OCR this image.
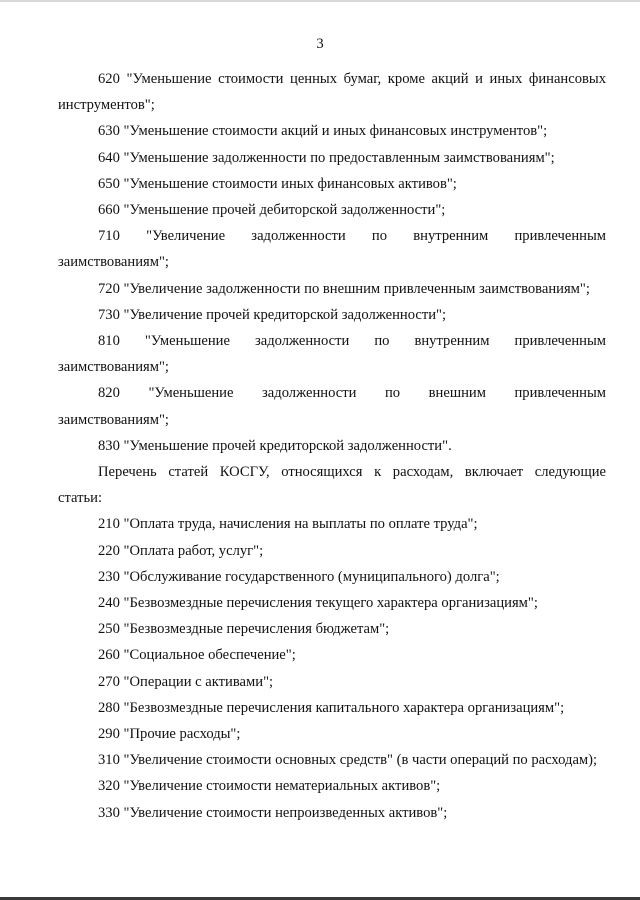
3

620 "Уменьшение стоимости ценных бумаг, кроме акций и иных финансовых
инструментов";

630 "Уменьшение стоимости акций и иных финансовых инструментов";

640 "Уменьшение задолженности по предоставленным заимствованиям";

650 "Уменьшение стоимости иных финансовых активов";

660 "Уменьшение прочей дебиторской задолженности";

710 "Увеличение задолженности по внутренним привлеченным
заимствованиям";

720 "Увеличение задолженности по внешним привлеченным заимствованиям";

730 "Увеличение прочей кредиторской задолженности";

810 "Уменьшение задолженности по внутренним привлеченным
заимствованиям";

820 "Уменьшение задолженности по внешним привлеченным
заимствованиям";

830 "Уменьшение прочей кредиторской задолженности".

Перечень статей КОСГУ, относящихся к расходам, включает следующие
статьи:

210 "Оплата труда, начисления на выплаты по оплате труда";

220 "Оплата работ, услуг";

230 "Обслуживание государственного (муниципального) долга";

240 "Безвозмездные перечисления текущего характера организациям";

250 "Безвозмездные перечисления бюджетам";

260 "Социальное обеспечение";

270 "Операции с активами";

280 "Безвозмездные перечисления капитального характера организациям";

290 "Прочие расходы";

310 "Увеличение стоимости основных средств" (в части операций по расходам);

320 "Увеличение стоимости нематериальных активов";

330 "Увеличение стоимости непроизведенных активов";
